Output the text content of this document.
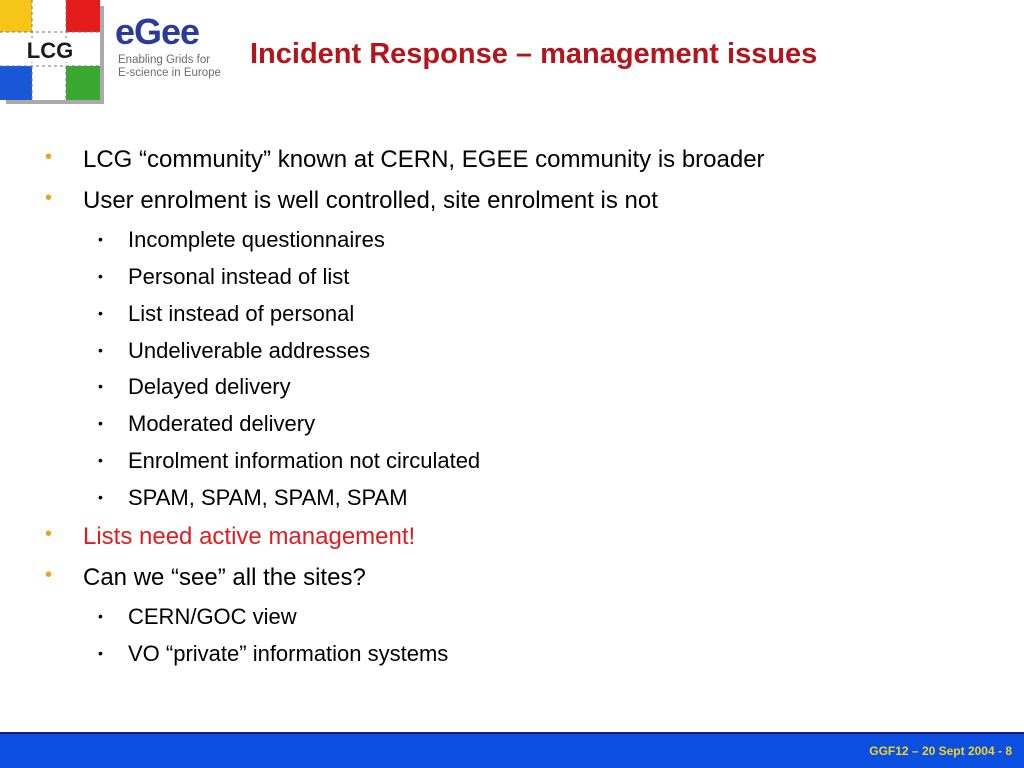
LCG eGee
Enabling Grids for
E-science in Europe
Incident Response – management issues
• LCG “community” known at CERN, EGEE community is broader
• User enrolment is well controlled, site enrolment is not
• Incomplete questionnaires
• Personal instead of list
• List instead of personal
• Undeliverable addresses
• Delayed delivery
• Moderated delivery
• Enrolment information not circulated
• SPAM, SPAM, SPAM, SPAM
• Lists need active management!
• Can we “see” all the sites?
• CERN/GOC view
• VO “private” information systems
GGF12 – 20 Sept 2004 - 8
